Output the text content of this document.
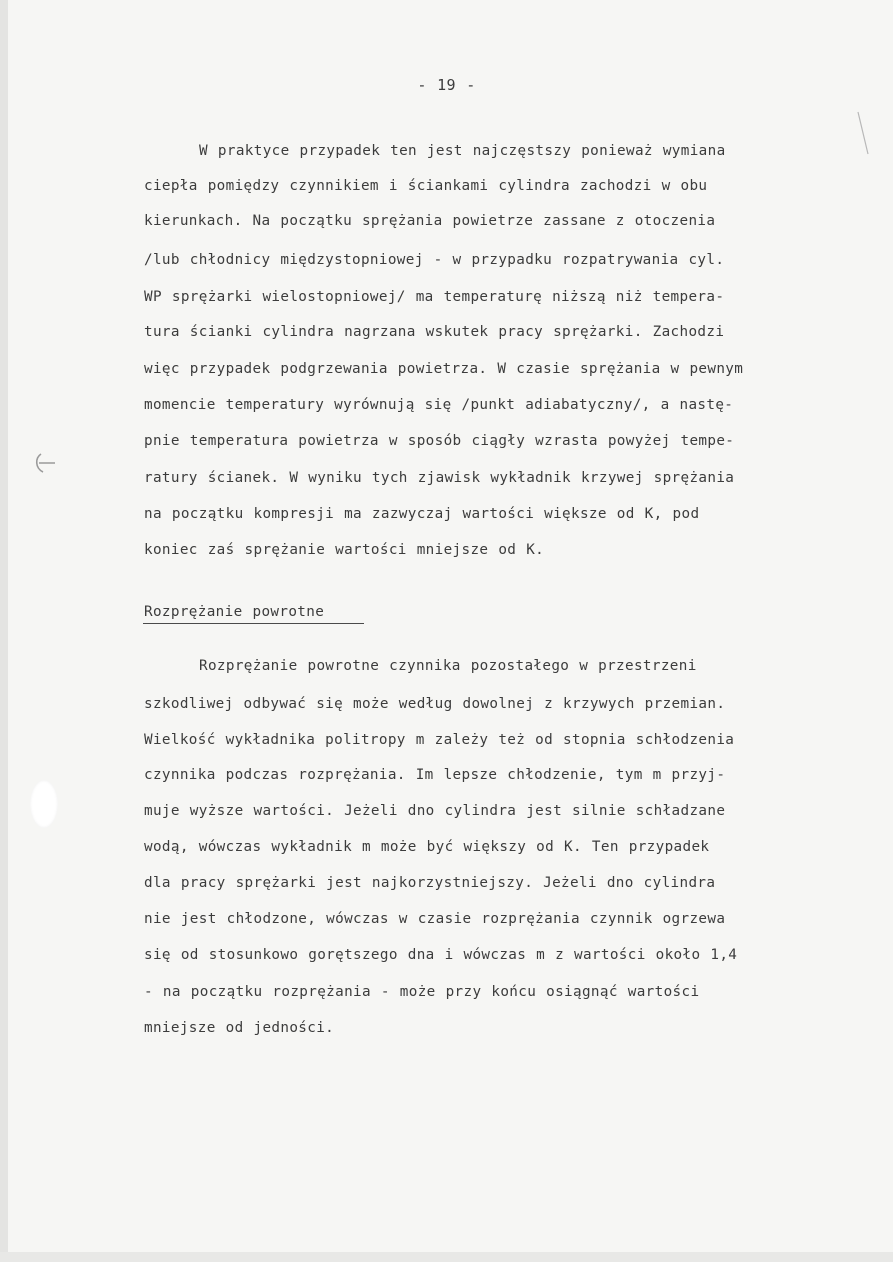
- 19 -
W praktyce przypadek ten jest najczęstszy ponieważ wymiana
ciepła pomiędzy czynnikiem i ściankami cylindra zachodzi w obu
kierunkach. Na początku sprężania powietrze zassane z otoczenia
/lub chłodnicy międzystopniowej - w przypadku rozpatrywania cyl.
WP sprężarki wielostopniowej/ ma temperaturę niższą niż tempera-
tura ścianki cylindra nagrzana wskutek pracy sprężarki. Zachodzi
więc przypadek podgrzewania powietrza. W czasie sprężania w pewnym
momencie temperatury wyrównują się /punkt adiabatyczny/, a nastę-
pnie temperatura powietrza w sposób ciągły wzrasta powyżej tempe-
ratury ścianek. W wyniku tych zjawisk wykładnik krzywej sprężania
na początku kompresji ma zazwyczaj wartości większe od K, pod
koniec zaś sprężanie wartości mniejsze od K.
Rozprężanie powrotne
Rozprężanie powrotne czynnika pozostałego w przestrzeni
szkodliwej odbywać się może według dowolnej z krzywych przemian.
Wielkość wykładnika politropy m zależy też od stopnia schłodzenia
czynnika podczas rozprężania. Im lepsze chłodzenie, tym m przyj-
muje wyższe wartości. Jeżeli dno cylindra jest silnie schładzane
wodą, wówczas wykładnik m może być większy od K. Ten przypadek
dla pracy sprężarki jest najkorzystniejszy. Jeżeli dno cylindra
nie jest chłodzone, wówczas w czasie rozprężania czynnik ogrzewa
się od stosunkowo gorętszego dna i wówczas m z wartości około 1,4
- na początku rozprężania - może przy końcu osiągnąć wartości
mniejsze od jedności.
